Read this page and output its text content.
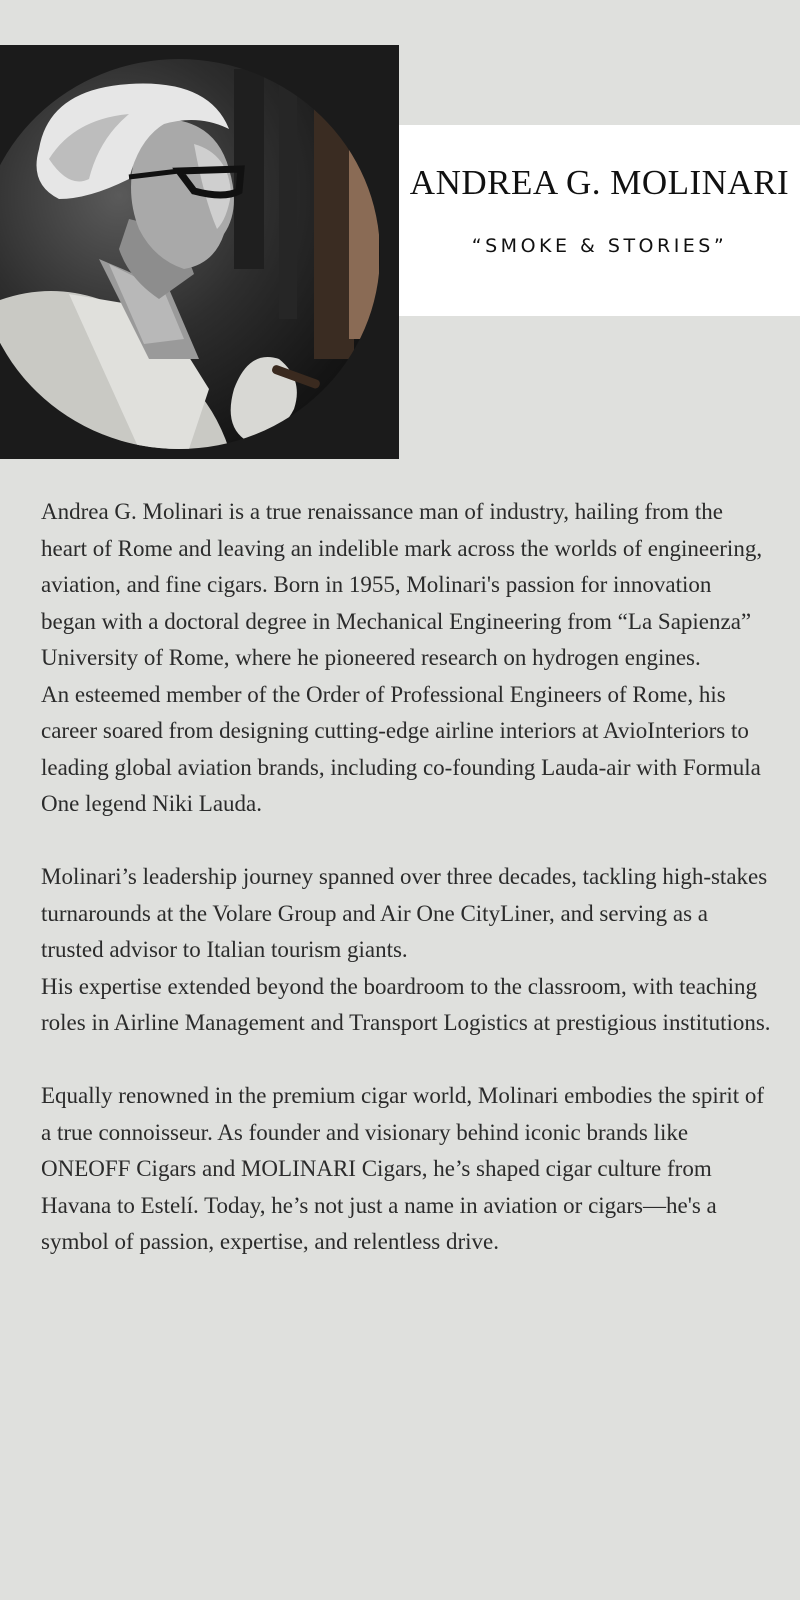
ANDREA G. MOLINARI
“SMOKE & STORIES”

Andrea G. Molinari is a true renaissance man of industry, hailing from the heart of Rome and leaving an indelible mark across the worlds of engineering, aviation, and fine cigars. Born in 1955, Molinari's passion for innovation began with a doctoral degree in Mechanical Engineering from “La Sapienza” University of Rome, where he pioneered research on hydrogen engines.

An esteemed member of the Order of Professional Engineers of Rome, his career soared from designing cutting-edge airline interiors at AvioInteriors to leading global aviation brands, including co-founding Lauda-air with Formula One legend Niki Lauda.

Molinari’s leadership journey spanned over three decades, tackling high-stakes turnarounds at the Volare Group and Air One CityLiner, and serving as a trusted advisor to Italian tourism giants.

His expertise extended beyond the boardroom to the classroom, with teaching roles in Airline Management and Transport Logistics at prestigious institutions.

Equally renowned in the premium cigar world, Molinari embodies the spirit of a true connoisseur. As founder and visionary behind iconic brands like ONEOFF Cigars and MOLINARI Cigars, he’s shaped cigar culture from Havana to Estelí. Today, he’s not just a name in aviation or cigars—he's a symbol of passion, expertise, and relentless drive.
